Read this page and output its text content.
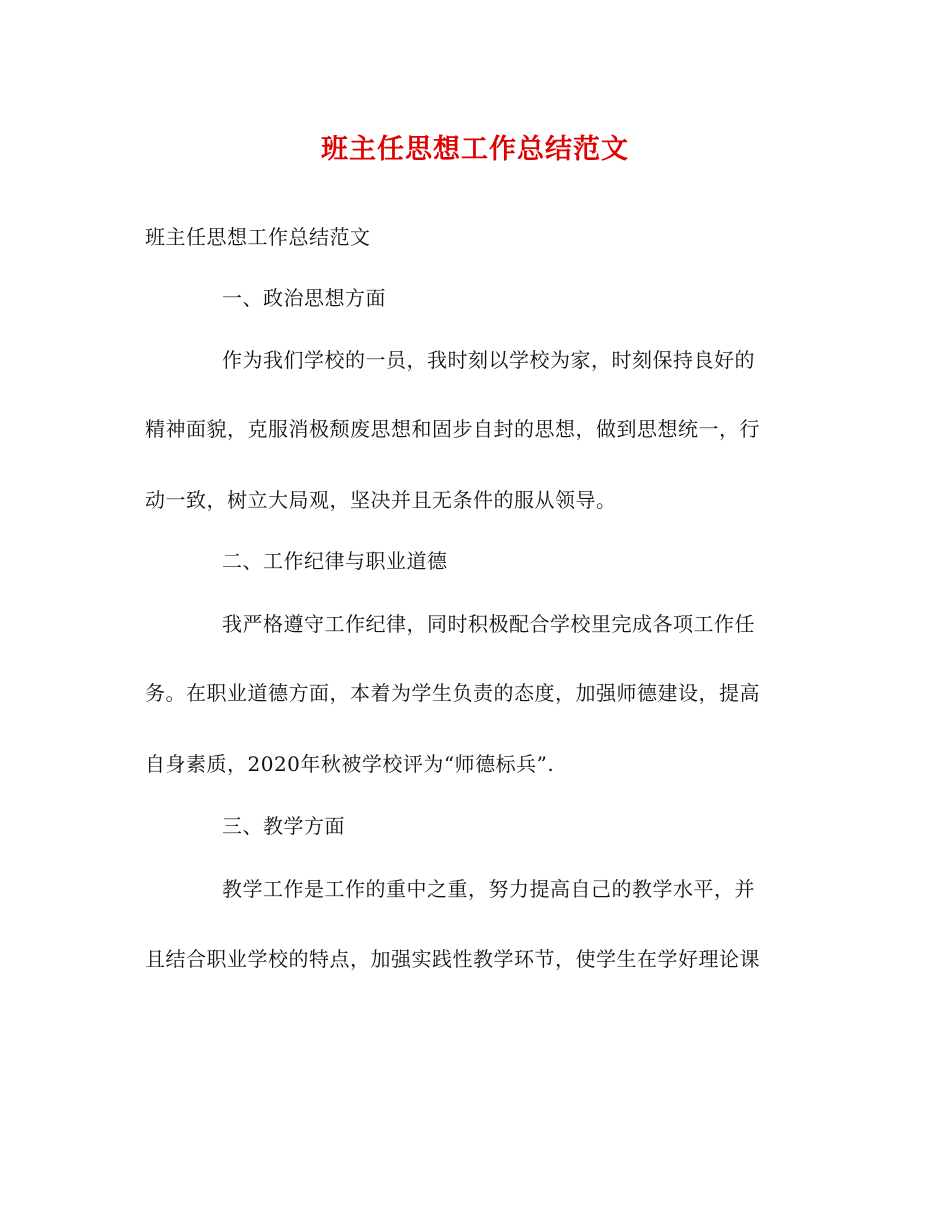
班主任思想工作总结范文
班主任思想工作总结范文
一、政治思想方面
作为我们学校的一员，我时刻以学校为家，时刻保持良好的
精神面貌，克服消极颓废思想和固步自封的思想，做到思想统一，行
动一致，树立大局观，坚决并且无条件的服从领导。
二、工作纪律与职业道德
我严格遵守工作纪律，同时积极配合学校里完成各项工作任
务。在职业道德方面，本着为学生负责的态度，加强师德建设，提高
自身素质，2020年秋被学校评为“师德标兵”.
三、教学方面
教学工作是工作的重中之重，努力提高自己的教学水平，并
且结合职业学校的特点，加强实践性教学环节，使学生在学好理论课
